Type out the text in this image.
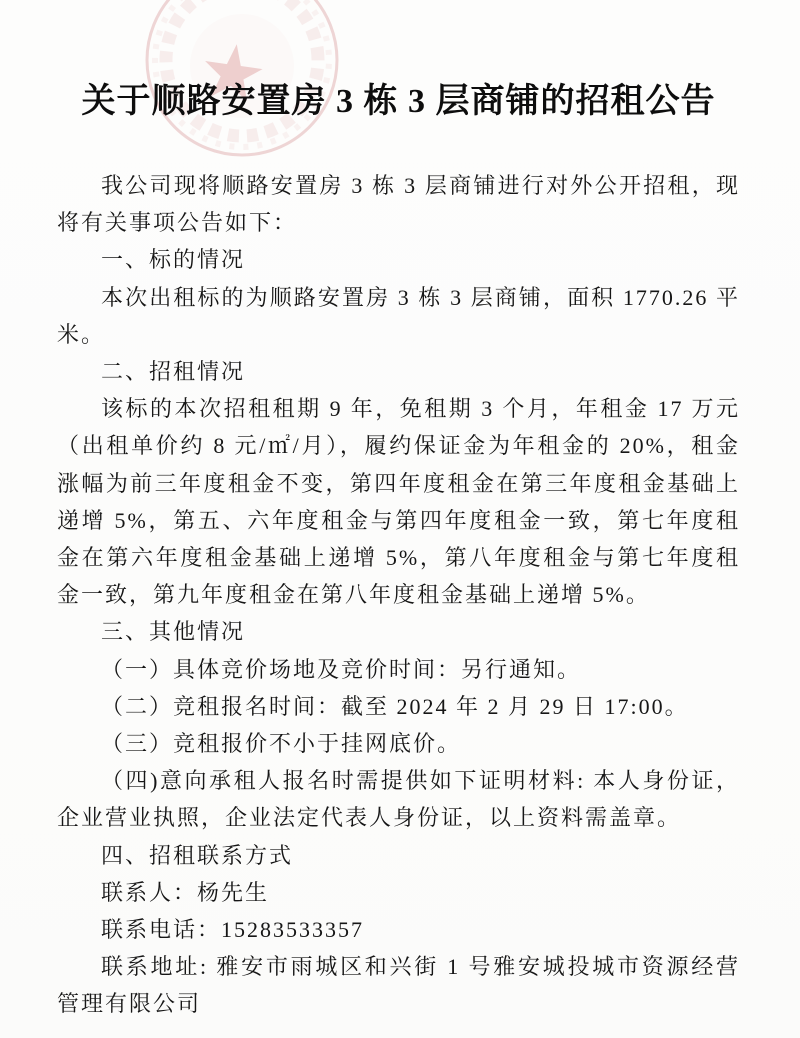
关于顺路安置房 3 栋 3 层商铺的招租公告

我公司现将顺路安置房 3 栋 3 层商铺进行对外公开招租，现将有关事项公告如下：

一、标的情况

本次出租标的为顺路安置房 3 栋 3 层商铺，面积 1770.26 平米。

二、招租情况

该标的本次招租租期 9 年，免租期 3 个月，年租金 17 万元（出租单价约 8 元/㎡/月），履约保证金为年租金的 20%，租金涨幅为前三年度租金不变，第四年度租金在第三年度租金基础上递增 5%，第五、六年度租金与第四年度租金一致，第七年度租金在第六年度租金基础上递增 5%，第八年度租金与第七年度租金一致，第九年度租金在第八年度租金基础上递增 5%。

三、其他情况

（一）具体竞价场地及竞价时间：另行通知。

（二）竞租报名时间：截至 2024 年 2 月 29 日 17:00。

（三）竞租报价不小于挂网底价。

（四)意向承租人报名时需提供如下证明材料: 本人身份证，企业营业执照，企业法定代表人身份证，以上资料需盖章。

四、招租联系方式

联系人：杨先生

联系电话：15283533357

联系地址: 雅安市雨城区和兴街 1 号雅安城投城市资源经营管理有限公司
